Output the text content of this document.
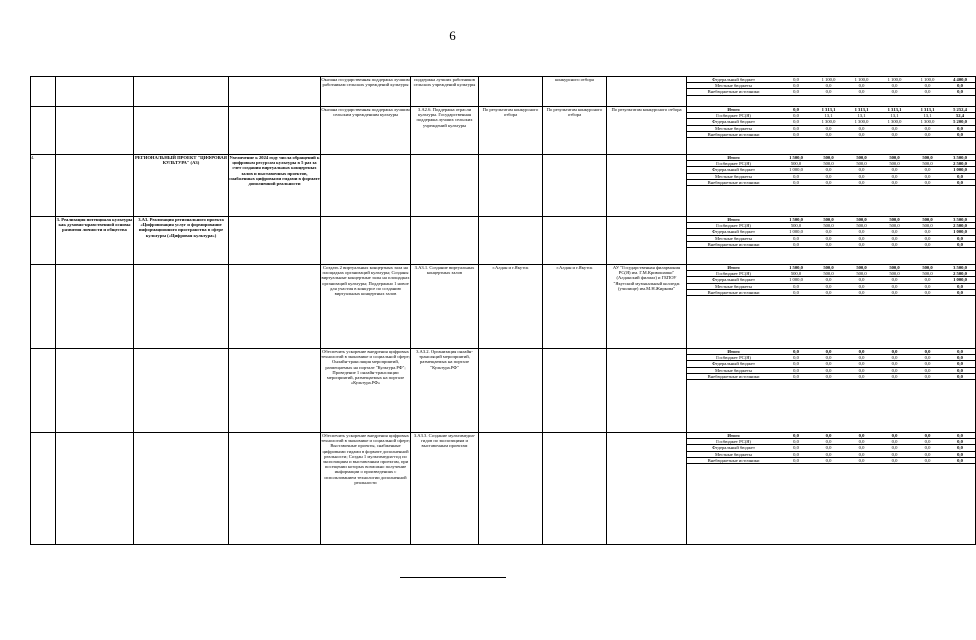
6
				Оказана государственная поддержка лучшим работникам сельских учреждений культуры	поддержка лучших работников сельских учреждений культуры		конкурсного отбора			Федеральный бюджет	0,0	1 100,0	1 100,0	1 100,0	1 100,0	4 400,0
Местные бюджеты	0,0	0,0	0,0	0,0	0,0	0,0
Внебюджетные источники	0,0	0,0	0,0	0,0	0,0	0,0

				Оказана государственная поддержка лучшим сельским учреждениям культуры	3.А2.6. Поддержка отрасли культуры. Государственная поддержка лучших сельских учреждений культуры	По результатам конкурсного отбора	По результатам конкурсного отбора	По результатам конкурсного отбора		Итого	0,0	1 313,1	1 313,1	1 313,1	1 313,1	5 252,4
Госбюджет РС(Я)	0,0	13,1	13,1	13,1	13,1	52,4
Федеральный бюджет	0,0	1 300,0	1 300,0	1 300,0	1 300,0	5 200,0
Местные бюджеты	0,0	0,0	0,0	0,0	0,0	0,0
Внебюджетные источники	0,0	0,0	0,0	0,0	0,0	0,0

4.		РЕГИОНАЛЬНЫЙ ПРОЕКТ "ЦИФРОВАЯ КУЛЬТУРА" (А3)	Увеличение к 2024 году числа обращений к цифровым ресурсам культуры в 5 раз за счет создания виртуальных концертных залов и выставочных проектов, снабженных цифровыми гидами в формате дополненной реальности						
Итого	1 500,0	500,0	500,0	500,0	500,0	3 500,0
Госбюджет РС(Я)	500,0	500,0	500,0	500,0	500,0	2 500,0
Федеральный бюджет	1 000,0	0,0	0,0	0,0	0,0	1 000,0
Местные бюджеты	0,0	0,0	0,0	0,0	0,0	0,0
Внебюджетные источники	0,0	0,0	0,0	0,0	0,0	0,0

	3. Реализация потенциала культуры как духовно-нравственной основы развития личности и общества	3.А3. Реализация регионального проекта «Цифровизация услуг и формирование информационного пространства в сфере культуры («Цифровая культура»)							
Итого	1 500,0	500,0	500,0	500,0	500,0	3 500,0
Госбюджет РС(Я)	500,0	500,0	500,0	500,0	500,0	2 500,0
Федеральный бюджет	1 000,0	0,0	0,0	0,0	0,0	1 000,0
Местные бюджеты	0,0	0,0	0,0	0,0	0,0	0,0
Внебюджетные источники	0,0	0,0	0,0	0,0	0,0	0,0

				Создать 2 виртуальных концертных зала на площадках организаций культуры; Созданы виртуальные концертные залы на площадках организаций культуры; Поддержано 1 новое для участия в конкурсе по созданию виртуальных концертных залов	3.А3.1. Создание виртуальных концертных залов	г.Алдан и г.Якутск	г.Алдан и г.Якутск	АУ "Государственная филармония РС(Я) им. Г.М.Кривошапко" (Алданский филиал) и ГБПОУ "Якутский музыкальный колледж (училище) им.М.Н.Жиркова"	
Итого	1 500,0	500,0	500,0	500,0	500,0	3 500,0
Госбюджет РС(Я)	500,0	500,0	500,0	500,0	500,0	2 500,0
Федеральный бюджет	1 000,0	0,0	0,0	0,0	0,0	1 000,0
Местные бюджеты	0,0	0,0	0,0	0,0	0,0	0,0
Внебюджетные источники	0,0	0,0	0,0	0,0	0,0	0,0

				Обеспечить ускорение внедрения цифровых технологий в экономике и социальной сфере; Онлайн-трансляция мероприятий, размещаемых на портале "Культура.РФ"; Проведение 1 онлайн-трансляции мероприятий, размещаемых на портале «Культура.РФ»	3.А3.2. Организация онлайн-трансляций мероприятий, размещаемых на портале "Культура.РФ"				
Итого	0,0	0,0	0,0	0,0	0,0	0,0
Госбюджет РС(Я)	0,0	0,0	0,0	0,0	0,0	0,0
Федеральный бюджет	0,0	0,0	0,0	0,0	0,0	0,0
Местные бюджеты	0,0	0,0	0,0	0,0	0,0	0,0
Внебюджетные источники	0,0	0,0	0,0	0,0	0,0	0,0

				Обеспечить ускорение внедрения цифровых технологий в экономике и социальной сфере; Выставочные проекты, снабженные цифровыми гидами в формате дополненной реальности; Создан 1 мультимедиа-гид по экспозициям и выставочным проектам, при посещении которых возможно получение информации о произведениях с использованием технологии дополненной реальности	3.А3.3. Создание мультимедиа-гидов по экспозициям и выставочным проектам				
Итого	0,0	0,0	0,0	0,0	0,0	0,0
Госбюджет РС(Я)	0,0	0,0	0,0	0,0	0,0	0,0
Федеральный бюджет	0,0	0,0	0,0	0,0	0,0	0,0
Местные бюджеты	0,0	0,0	0,0	0,0	0,0	0,0
Внебюджетные источники	0,0	0,0	0,0	0,0	0,0	0,0
